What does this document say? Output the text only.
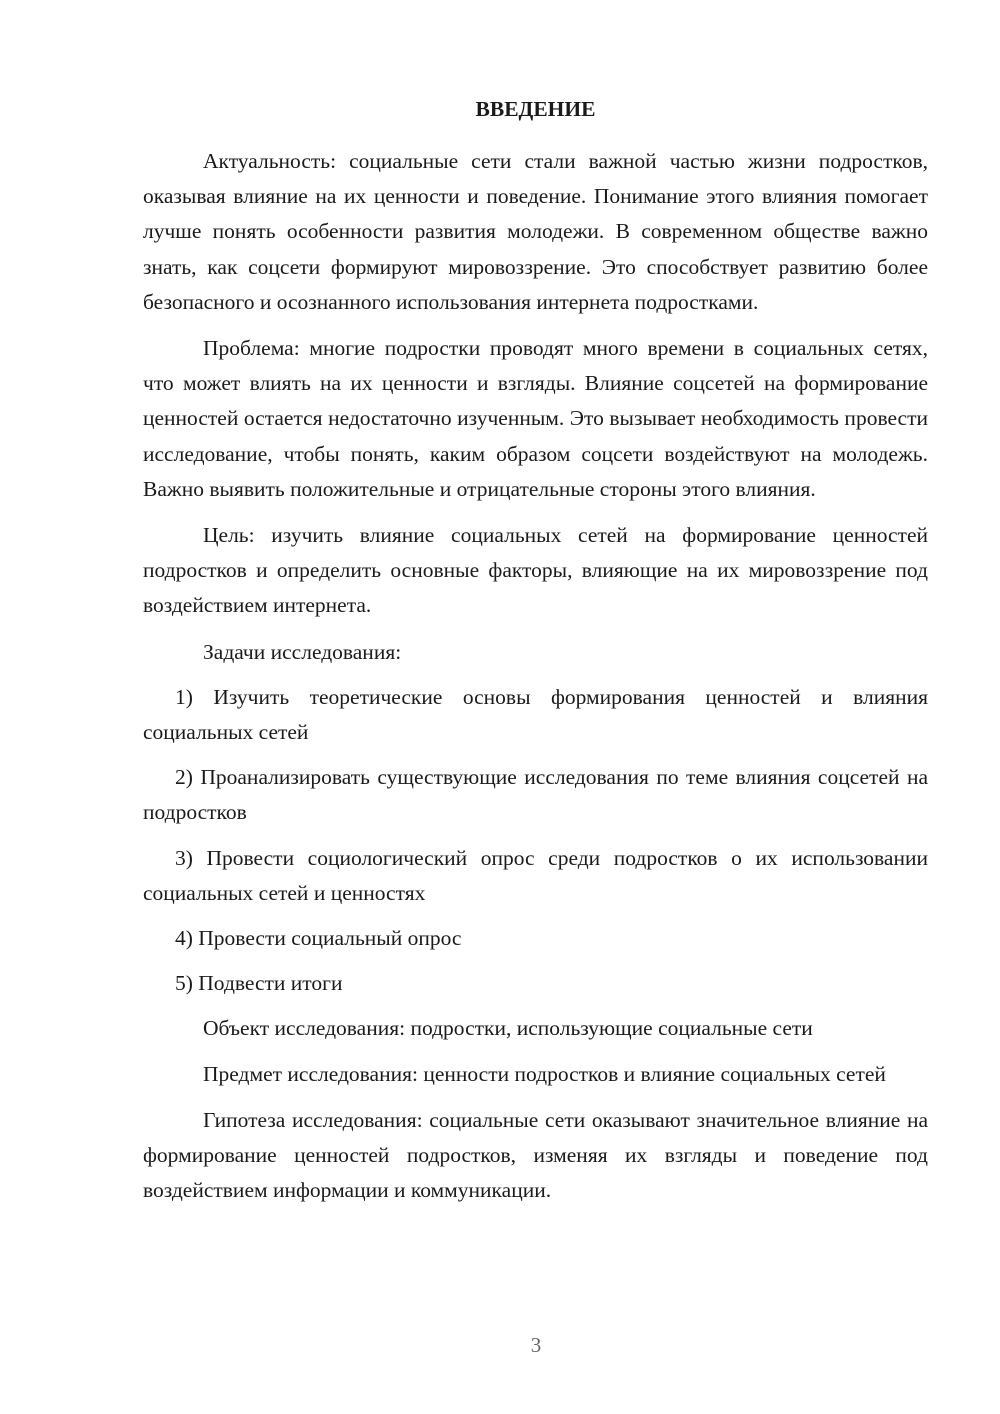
ВВЕДЕНИЕ

Актуальность: социальные сети стали важной частью жизни подростков, оказывая влияние на их ценности и поведение. Понимание этого влияния помогает лучше понять особенности развития молодежи. В современном обществе важно знать, как соцсети формируют мировоззрение. Это способствует развитию более безопасного и осознанного использования интернета подростками.

Проблема: многие подростки проводят много времени в социальных сетях, что может влиять на их ценности и взгляды. Влияние соцсетей на формирование ценностей остается недостаточно изученным. Это вызывает необходимость провести исследование, чтобы понять, каким образом соцсети воздействуют на молодежь. Важно выявить положительные и отрицательные стороны этого влияния.

Цель: изучить влияние социальных сетей на формирование ценностей подростков и определить основные факторы, влияющие на их мировоззрение под воздействием интернета.

Задачи исследования:

1) Изучить теоретические основы формирования ценностей и влияния социальных сетей

2) Проанализировать существующие исследования по теме влияния соцсетей на подростков

3) Провести социологический опрос среди подростков о их использовании социальных сетей и ценностях

4) Провести социальный опрос

5) Подвести итоги

Объект исследования: подростки, использующие социальные сети

Предмет исследования: ценности подростков и влияние социальных сетей

Гипотеза исследования: социальные сети оказывают значительное влияние на формирование ценностей подростков, изменяя их взгляды и поведение под воздействием информации и коммуникации.

3
